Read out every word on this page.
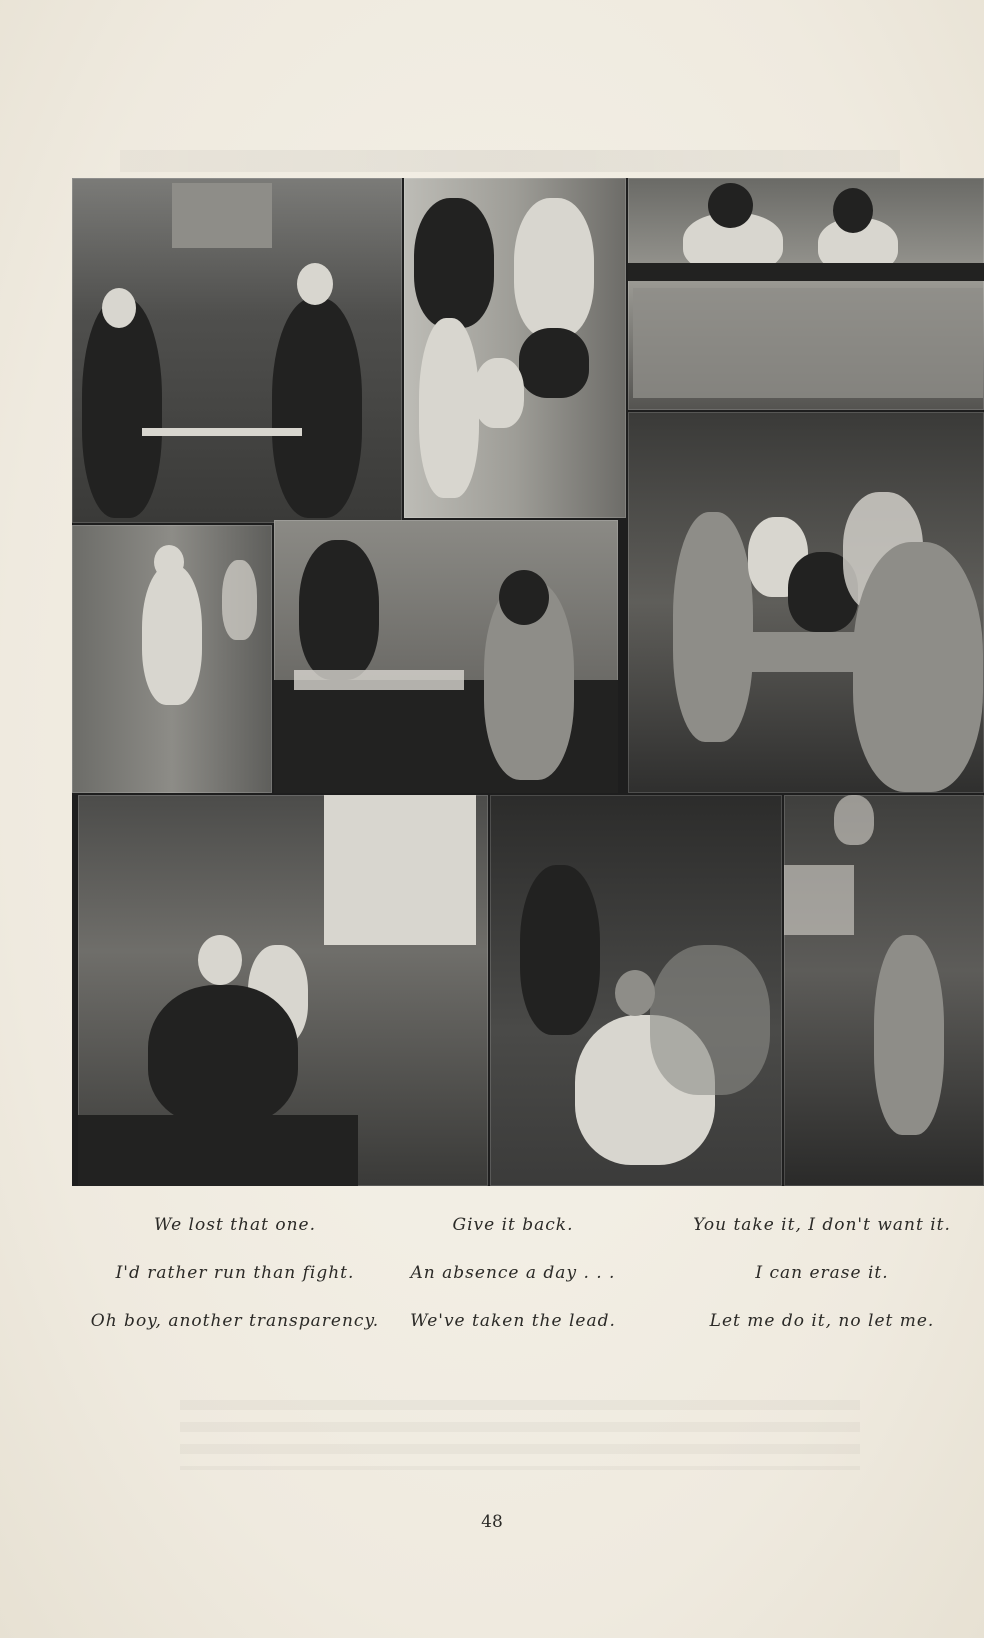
We lost that one.	Give it back.	You take it, I don't want it.
I'd rather run than fight.	An absence a day . . .	I can erase it.
Oh boy, another transparency.	We've taken the lead.	Let me do it, no let me.
48
